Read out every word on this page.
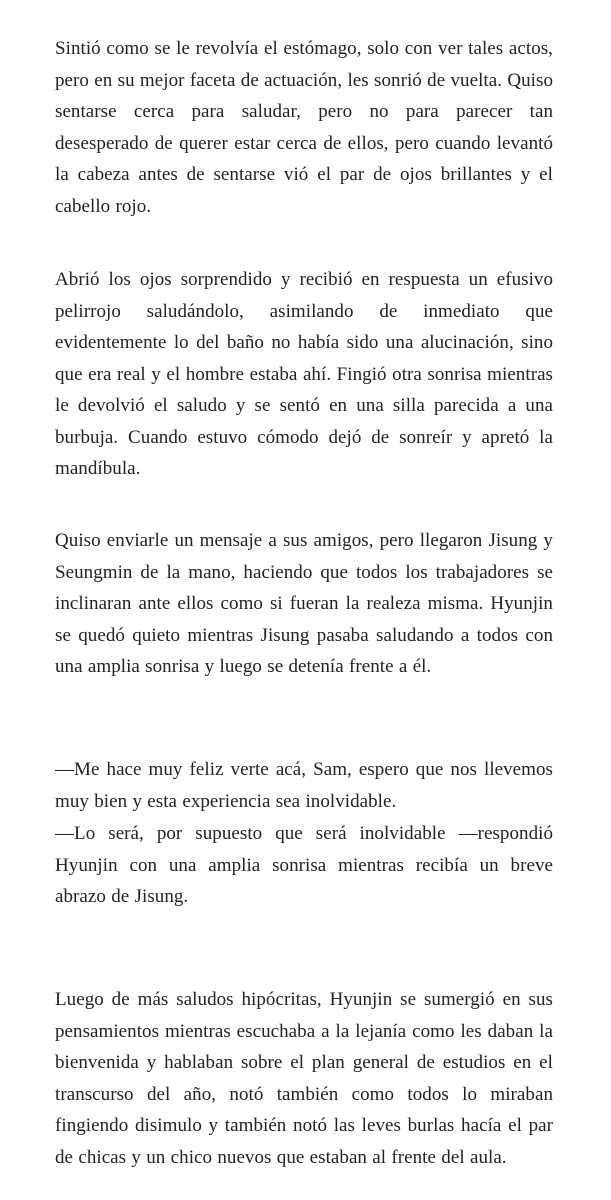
Sintió como se le revolvía el estómago, solo con ver tales actos, pero en su mejor faceta de actuación, les sonrió de vuelta. Quiso sentarse cerca para saludar, pero no para parecer tan desesperado de querer estar cerca de ellos, pero cuando levantó la cabeza antes de sentarse vió el par de ojos brillantes y el cabello rojo.

Abrió los ojos sorprendido y recibió en respuesta un efusivo pelirrojo saludándolo, asimilando de inmediato que evidentemente lo del baño no había sido una alucinación, sino que era real y el hombre estaba ahí. Fingió otra sonrisa mientras le devolvió el saludo y se sentó en una silla parecida a una burbuja. Cuando estuvo cómodo dejó de sonreír y apretó la mandíbula.

Quiso enviarle un mensaje a sus amigos, pero llegaron Jisung y Seungmin de la mano, haciendo que todos los trabajadores se inclinaran ante ellos como si fueran la realeza misma. Hyunjin se quedó quieto mientras Jisung pasaba saludando a todos con una amplia sonrisa y luego se detenía frente a él.

—Me hace muy feliz verte acá, Sam, espero que nos llevemos muy bien y esta experiencia sea inolvidable.

—Lo será, por supuesto que será inolvidable —respondió Hyunjin con una amplia sonrisa mientras recibía un breve abrazo de Jisung.

Luego de más saludos hipócritas, Hyunjin se sumergió en sus pensamientos mientras escuchaba a la lejanía como les daban la bienvenida y hablaban sobre el plan general de estudios en el transcurso del año, notó también como todos lo miraban fingiendo disimulo y también notó las leves burlas hacía el par de chicas y un chico nuevos que estaban al frente del aula.
